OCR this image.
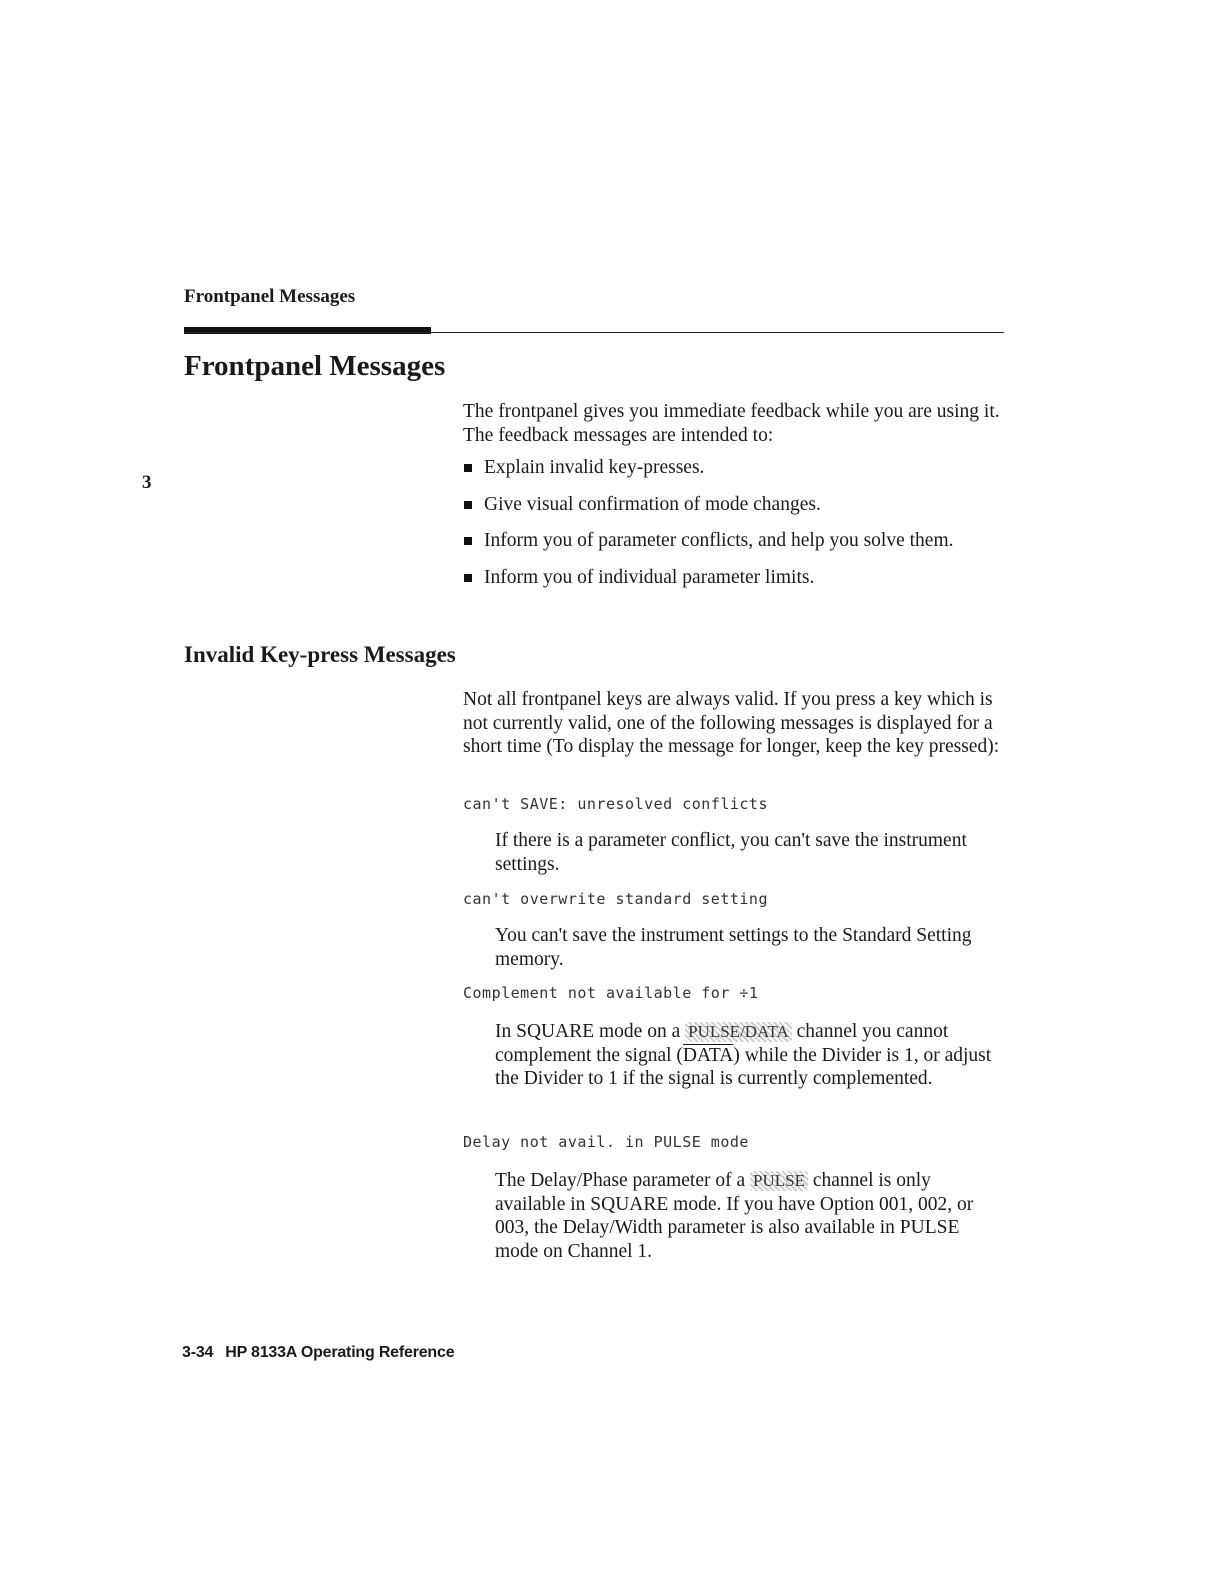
Frontpanel Messages
Frontpanel Messages
The frontpanel gives you immediate feedback while you are using it. The feedback messages are intended to:
3
Explain invalid key-presses.
Give visual confirmation of mode changes.
Inform you of parameter conflicts, and help you solve them.
Inform you of individual parameter limits.
Invalid Key-press Messages
Not all frontpanel keys are always valid. If you press a key which is not currently valid, one of the following messages is displayed for a short time (To display the message for longer, keep the key pressed):
can't SAVE: unresolved conflicts
If there is a parameter conflict, you can't save the instrument settings.
can't overwrite standard setting
You can't save the instrument settings to the Standard Setting memory.
Complement not available for ÷1
In SQUARE mode on a PULSE/DATA channel you cannot complement the signal (DATA) while the Divider is 1, or adjust the Divider to 1 if the signal is currently complemented.
Delay not avail. in PULSE mode
The Delay/Phase parameter of a PULSE channel is only available in SQUARE mode. If you have Option 001, 002, or 003, the Delay/Width parameter is also available in PULSE mode on Channel 1.
3-34 HP 8133A Operating Reference
